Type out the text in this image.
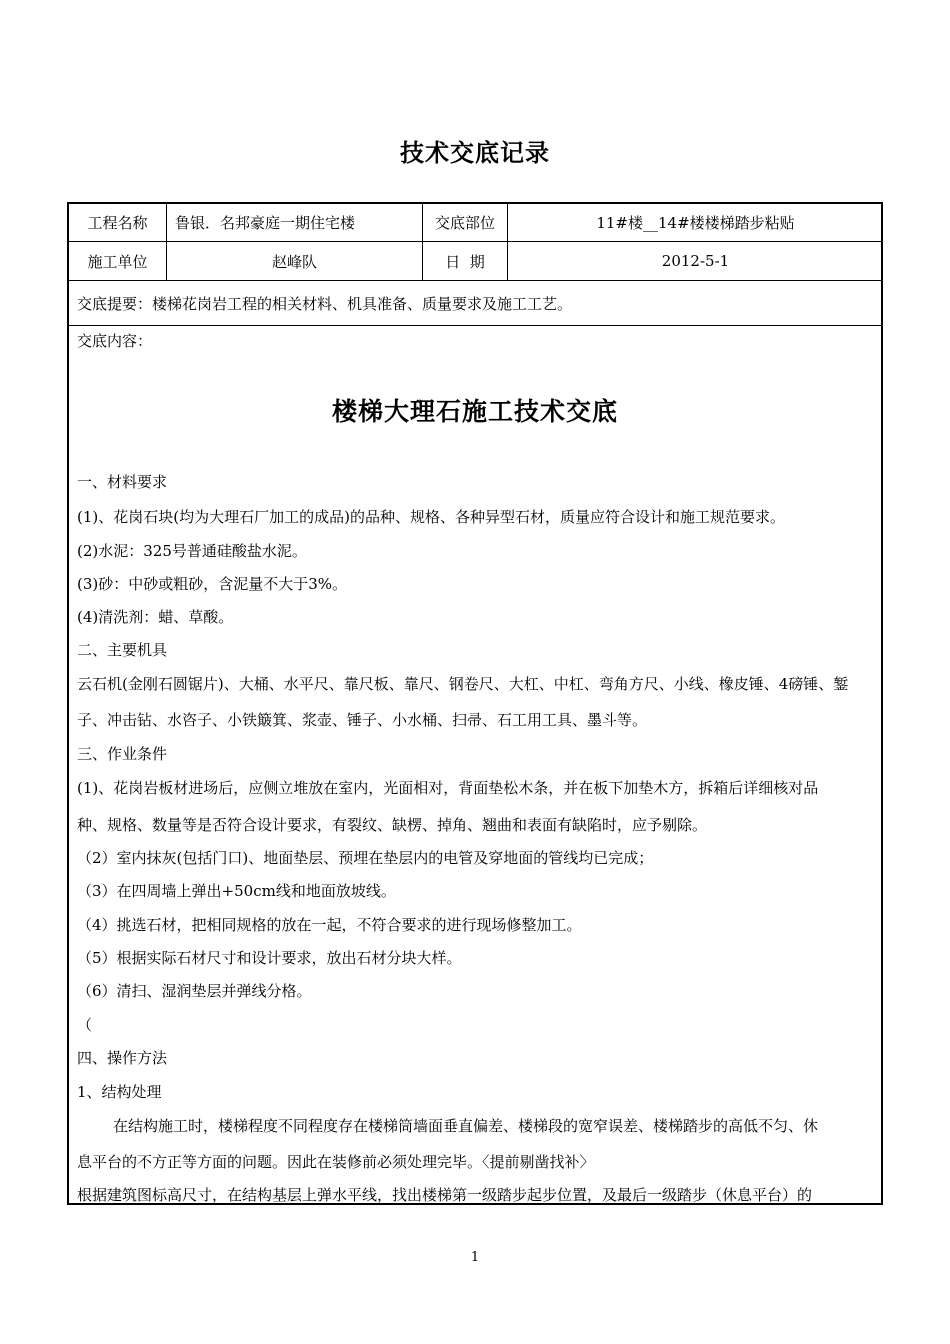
技术交底记录
工程名称	鲁银．名邦豪庭一期住宅楼	交底部位	11#楼__14#楼楼梯踏步粘贴
施工单位	赵峰队	日  期	2012-5-1
交底提要：楼梯花岗岩工程的相关材料、机具准备、质量要求及施工工艺。
交底内容：
楼梯大理石施工技术交底
一、材料要求
(1)、花岗石块(均为大理石厂加工的成品)的品种、规格、各种异型石材，质量应符合设计和施工规范要求。
(2)水泥：325号普通硅酸盐水泥。
(3)砂：中砂或粗砂，含泥量不大于3%。
(4)清洗剂：蜡、草酸。
二、主要机具
云石机(金刚石圆锯片)、大桶、水平尺、靠尺板、靠尺、钢卷尺、大杠、中杠、弯角方尺、小线、橡皮锤、4磅锤、錾
子、冲击钻、水咨子、小铁簸箕、浆壶、锤子、小水桶、扫帚、石工用工具、墨斗等。
三、作业条件
(1)、花岗岩板材进场后，应侧立堆放在室内，光面相对，背面垫松木条，并在板下加垫木方，拆箱后详细核对品
种、规格、数量等是否符合设计要求，有裂纹、缺楞、掉角、翘曲和表面有缺陷时，应予剔除。
（2）室内抹灰(包括门口)、地面垫层、预埋在垫层内的电管及穿地面的管线均已完成；
（3）在四周墙上弹出+50cm线和地面放坡线。
（4）挑选石材，把相同规格的放在一起，不符合要求的进行现场修整加工。
（5）根据实际石材尺寸和设计要求，放出石材分块大样。
（6）清扫、湿润垫层并弹线分格。
（
四、操作方法
1、结构处理
在结构施工时，楼梯程度不同程度存在楼梯筒墙面垂直偏差、楼梯段的宽窄误差、楼梯踏步的高低不匀、休
息平台的不方正等方面的问题。因此在装修前必须处理完毕。〈提前剔凿找补〉
根据建筑图标高尺寸，在结构基层上弹水平线，找出楼梯第一级踏步起步位置，及最后一级踏步（休息平台）的
1
